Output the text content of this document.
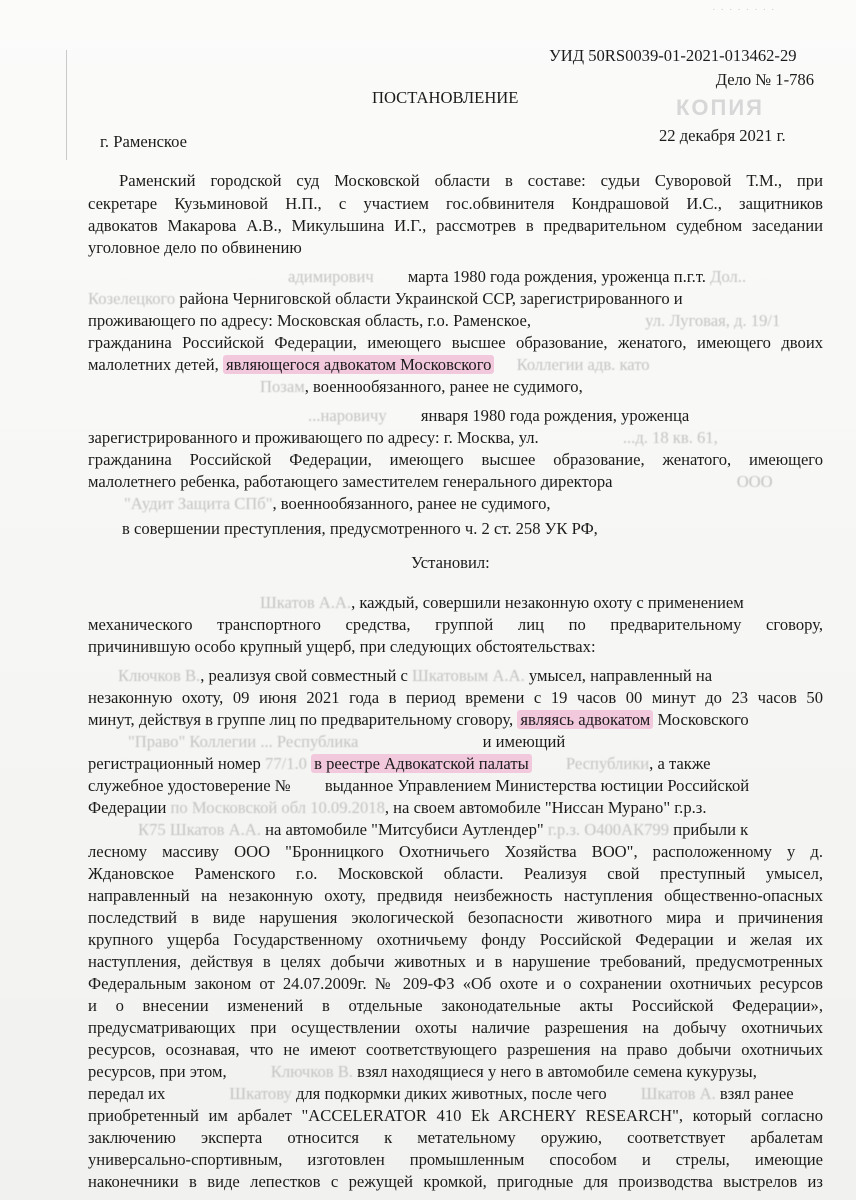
· · · · · · · ·
УИД 50RS0039-01-2021-013462-29
Дело № 1-786
ПОСТАНОВЛЕНИЕ	КОПИЯ
г. Раменское	22 декабря 2021 г.
Раменский городской суд Московской области в составе: судьи Суворовой Т.М., при
секретаре Кузьминовой Н.П., с участием гос.обвинителя Кондрашовой И.С., защитников
адвокатов Макарова А.В., Микульшина И.Г., рассмотрев в предварительном судебном заседании
уголовное дело по обвинению
адимирович марта 1980 года рождения, уроженца п.г.т. Дол..
Козелецкого района Черниговской области Украинской ССР, зарегистрированного и
проживающего по адресу: Московская область, г.о. Раменское,	ул. Луговая, д. 19/1
гражданина Российской Федерации, имеющего высшее образование, женатого, имеющего двоих
малолетних детей, являющегося адвокатом Московского Коллегии адв. като
Позам, военнообязанного, ранее не судимого,
...наровичу января 1980 года рождения, уроженца
зарегистрированного и проживающего по адресу: г. Москва, ул.	...д. 18 кв. 61,
гражданина Российской Федерации, имеющего высшее образование, женатого, имеющего
малолетнего ребенка, работающего заместителем генерального директора	ООО
"Аудит Защита СПб", военнообязанного, ранее не судимого,
в совершении преступления, предусмотренного ч. 2 ст. 258 УК РФ,
Установил:
Шкатов А.А., каждый, совершили незаконную охоту с применением
механического транспортного средства, группой лиц по предварительному сговору,
причинившую особо крупный ущерб, при следующих обстоятельствах:
Ключков В., реализуя свой совместный с Шкатовым А.А. умысел, направленный на
незаконную охоту, 09 июня 2021 года в период времени с 19 часов 00 минут до 23 часов 50
минут, действуя в группе лиц по предварительному сговору, являясь адвокатом Московского
"Право" Коллегии ... Республика	и имеющий
регистрационный номер 77/1.0 в реестре Адвокатской палаты Республики, а также
служебное удостоверение № выданное Управлением Министерства юстиции Российской
Федерации по Московской обл 10.09.2018, на своем автомобиле "Ниссан Мурано" г.р.з.
К75 Шкатов А.А. на автомобиле "Митсубиси Аутлендер" г.р.з. О400АК799 прибыли к
лесному массиву ООО "Бронницкого Охотничьего Хозяйства ВОО", расположенному у д.
Ждановское Раменского г.о. Московской области. Реализуя свой преступный умысел,
направленный на незаконную охоту, предвидя неизбежность наступления общественно-опасных
последствий в виде нарушения экологической безопасности животного мира и причинения
крупного ущерба Государственному охотничьему фонду Российской Федерации и желая их
наступления, действуя в целях добычи животных и в нарушение требований, предусмотренных
Федеральным законом от 24.07.2009г. № 209-ФЗ «Об охоте и о сохранении охотничьих ресурсов
и о внесении изменений в отдельные законодательные акты Российской Федерации»,
предусматривающих при осуществлении охоты наличие разрешения на добычу охотничьих
ресурсов, осознавая, что не имеют соответствующего разрешения на право добычи охотничьих
ресурсов, при этом,	Ключков В. взял находящиеся у него в автомобиле семена кукурузы,
передал их	Шкатову для подкормки диких животных, после чего Шкатов А. взял ранее
приобретенный им арбалет "ACCELERATOR 410 Ek ARCHERY RESEARCH", который согласно
заключению эксперта относится к метательному оружию, соответствует арбалетам
универсально-спортивным, изготовлен промышленным способом и стрелы, имеющие
наконечники в виде лепестков с режущей кромкой, пригодные для производства выстрелов из
